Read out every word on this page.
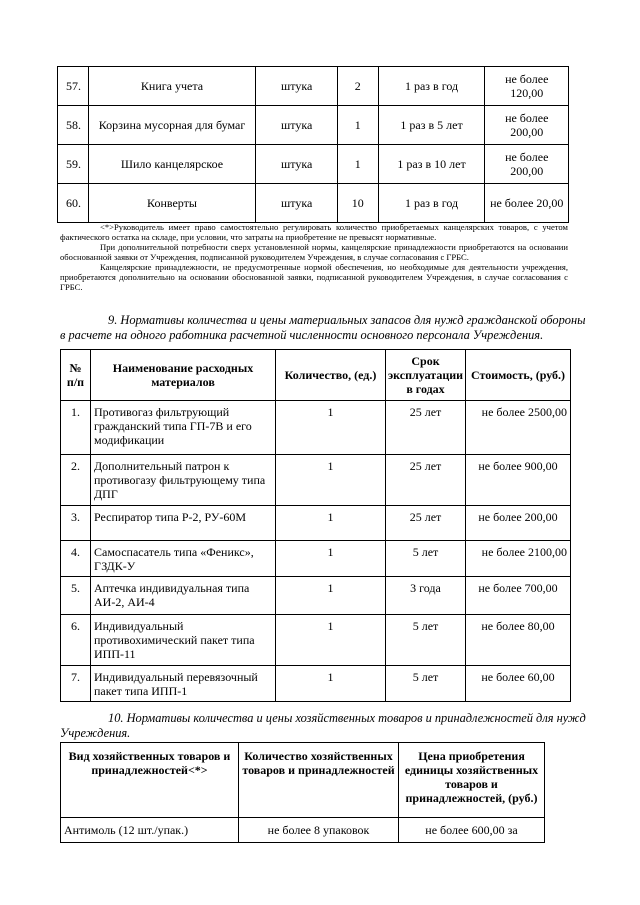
57.	Книга учета	штука	2	1 раз в год	не более 120,00
58.	Корзина мусорная для бумаг	штука	1	1 раз в 5 лет	не более 200,00
59.	Шило канцелярское	штука	1	1 раз в 10 лет	не более 200,00
60.	Конверты	штука	10	1 раз в год	не более 20,00
<*>Руководитель имеет право самостоятельно регулировать количество приобретаемых канцелярских товаров, с учетом фактического остатка на складе, при условии, что затраты на приобретение не превысят нормативные.
При дополнительной потребности сверх установленной нормы, канцелярские принадлежности приобретаются на основании обоснованной заявки от Учреждения, подписанной руководителем Учреждения, в случае согласования с ГРБС.
Канцелярские принадлежности, не предусмотренные нормой обеспечения, но необходимые для деятельности учреждения, приобретаются дополнительно на основании обоснованной заявки, подписанной руководителем Учреждения, в случае согласования с ГРБС.
9. Нормативы количества и цены материальных запасов для нужд гражданской обороны
в расчете на одного работника расчетной численности основного персонала Учреждения.
№ п/п	Наименование расходных материалов	Количество, (ед.)	Срок эксплуатации в годах	Стоимость, (руб.)
1.	Противогаз фильтрующий гражданский типа ГП-7В и его модификации	1	25 лет	не более 2500,00
2.	Дополнительный патрон к противогазу фильтрующему типа ДПГ	1	25 лет	не более 900,00
3.	Респиратор типа Р-2, РУ-60М	1	25 лет	не более 200,00
4.	Самоспасатель типа «Феникс», ГЗДК-У	1	5 лет	не более 2100,00
5.	Аптечка индивидуальная типа АИ-2, АИ-4	1	3 года	не более 700,00
6.	Индивидуальный противохимический пакет типа ИПП-11	1	5 лет	не более 80,00
7.	Индивидуальный перевязочный пакет типа ИПП-1	1	5 лет	не более 60,00
10. Нормативы количества и цены хозяйственных товаров и принадлежностей для нужд
Учреждения.
Вид хозяйственных товаров и принадлежностей<*>	Количество хозяйственных товаров и принадлежностей	Цена приобретения единицы хозяйственных товаров и принадлежностей, (руб.)
Антимоль (12 шт./упак.)	не более 8 упаковок	не более 600,00 за
